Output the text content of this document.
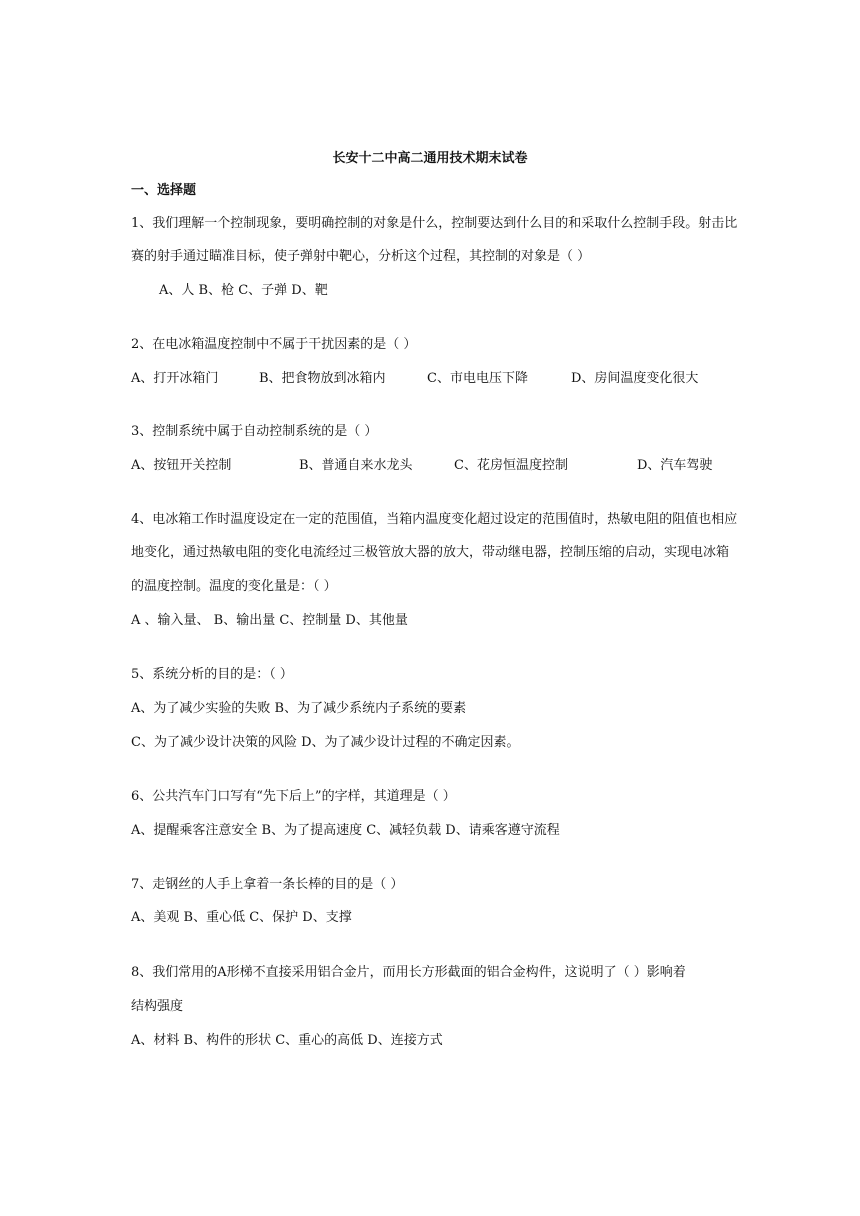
长安十二中高二通用技术期末试卷
一、选择题
1、我们理解一个控制现象，要明确控制的对象是什么，控制要达到什么目的和采取什么控制手段。射击比
赛的射手通过瞄准目标，使子弹射中靶心，分析这个过程，其控制的对象是（ ）
A、人 B、枪 C、子弹 D、靶
2、在电冰箱温度控制中不属于干扰因素的是（ ）
A、打开冰箱门	B、把食物放到冰箱内	C、市电电压下降	D、房间温度变化很大
3、控制系统中属于自动控制系统的是（ ）
A、按钮开关控制	B、普通自来水龙头	C、花房恒温度控制	D、汽车驾驶
4、电冰箱工作时温度设定在一定的范围值，当箱内温度变化超过设定的范围值时，热敏电阻的阻值也相应
地变化，通过热敏电阻的变化电流经过三极管放大器的放大，带动继电器，控制压缩的启动，实现电冰箱
的温度控制。温度的变化量是：（ ）
A 、输入量、 B、输出量 C、控制量 D、其他量
5、系统分析的目的是：（ ）
A、为了减少实验的失败 B、为了减少系统内子系统的要素
C、为了减少设计决策的风险 D、为了减少设计过程的不确定因素。
6、公共汽车门口写有“先下后上”的字样，其道理是（ ）
A、提醒乘客注意安全 B、为了提高速度 C、减轻负载 D、请乘客遵守流程
7、走钢丝的人手上拿着一条长棒的目的是（ ）
A、美观 B、重心低 C、保护 D、支撑
8、我们常用的A形梯不直接采用铝合金片，而用长方形截面的铝合金构件，这说明了（ ）影响着
结构强度
A、材料 B、构件的形状 C、重心的高低 D、连接方式
